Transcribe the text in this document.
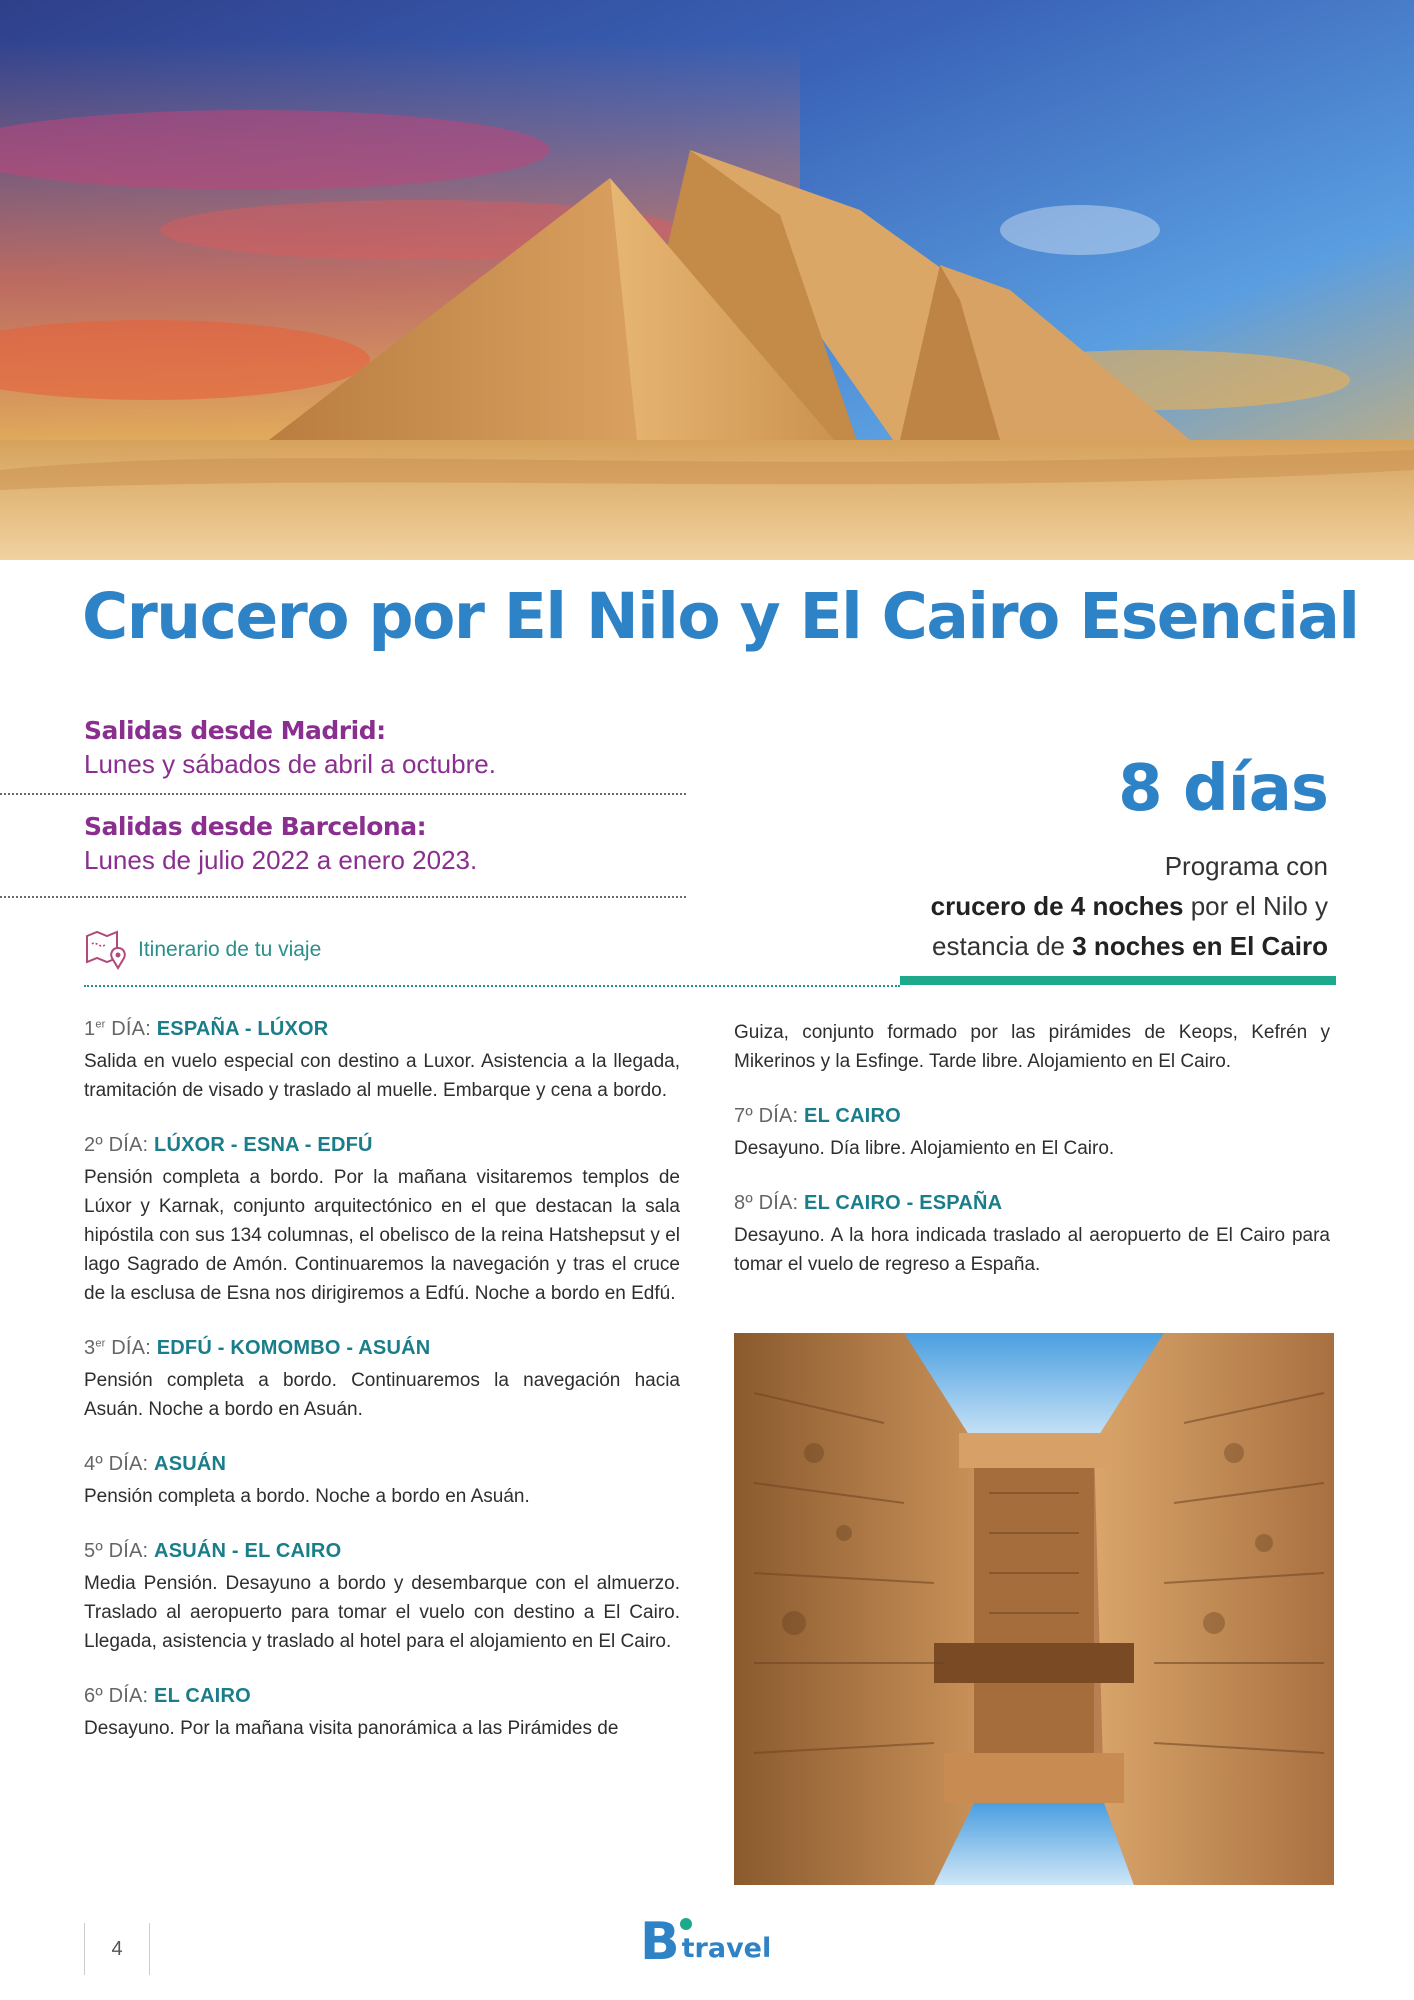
Crucero por El Nilo y El Cairo Esencial
Salidas desde Madrid:
Lunes y sábados de abril a octubre.
Salidas desde Barcelona:
Lunes de julio 2022 a enero 2023.
8 días
Programa con
crucero de 4 noches por el Nilo y
estancia de 3 noches en El Cairo
Itinerario de tu viaje
1er DÍA: ESPAÑA - LÚXOR

Salida en vuelo especial con destino a Luxor. Asistencia a la llegada, tramitación de visado y traslado al muelle. Embarque y cena a bordo.

2º DÍA: LÚXOR - ESNA - EDFÚ

Pensión completa a bordo. Por la mañana visitaremos templos de Lúxor y Karnak, conjunto arquitectónico en el que destacan la sala hipóstila con sus 134 columnas, el obelisco de la reina Hatshepsut y el lago Sagrado de Amón. Continuaremos la navegación y tras el cruce de la esclusa de Esna nos dirigiremos a Edfú. Noche a bordo en Edfú.

3er DÍA: EDFÚ - KOMOMBO - ASUÁN

Pensión completa a bordo. Continuaremos la navegación hacia Asuán. Noche a bordo en Asuán.

4º DÍA: ASUÁN

Pensión completa a bordo. Noche a bordo en Asuán.

5º DÍA: ASUÁN - EL CAIRO

Media Pensión. Desayuno a bordo y desembarque con el almuerzo. Traslado al aeropuerto para tomar el vuelo con destino a El Cairo. Llegada, asistencia y traslado al hotel para el alojamiento en El Cairo.

6º DÍA: EL CAIRO

Desayuno. Por la mañana visita panorámica a las Pirámides de

Guiza, conjunto formado por las pirámides de Keops, Kefrén y Mikerinos y la Esfinge. Tarde libre. Alojamiento en El Cairo.

7º DÍA: EL CAIRO

Desayuno. Día libre. Alojamiento en El Cairo.

8º DÍA: EL CAIRO - ESPAÑA

Desayuno. A la hora indicada traslado al aeropuerto de El Cairo para tomar el vuelo de regreso a España.

4	B travel
